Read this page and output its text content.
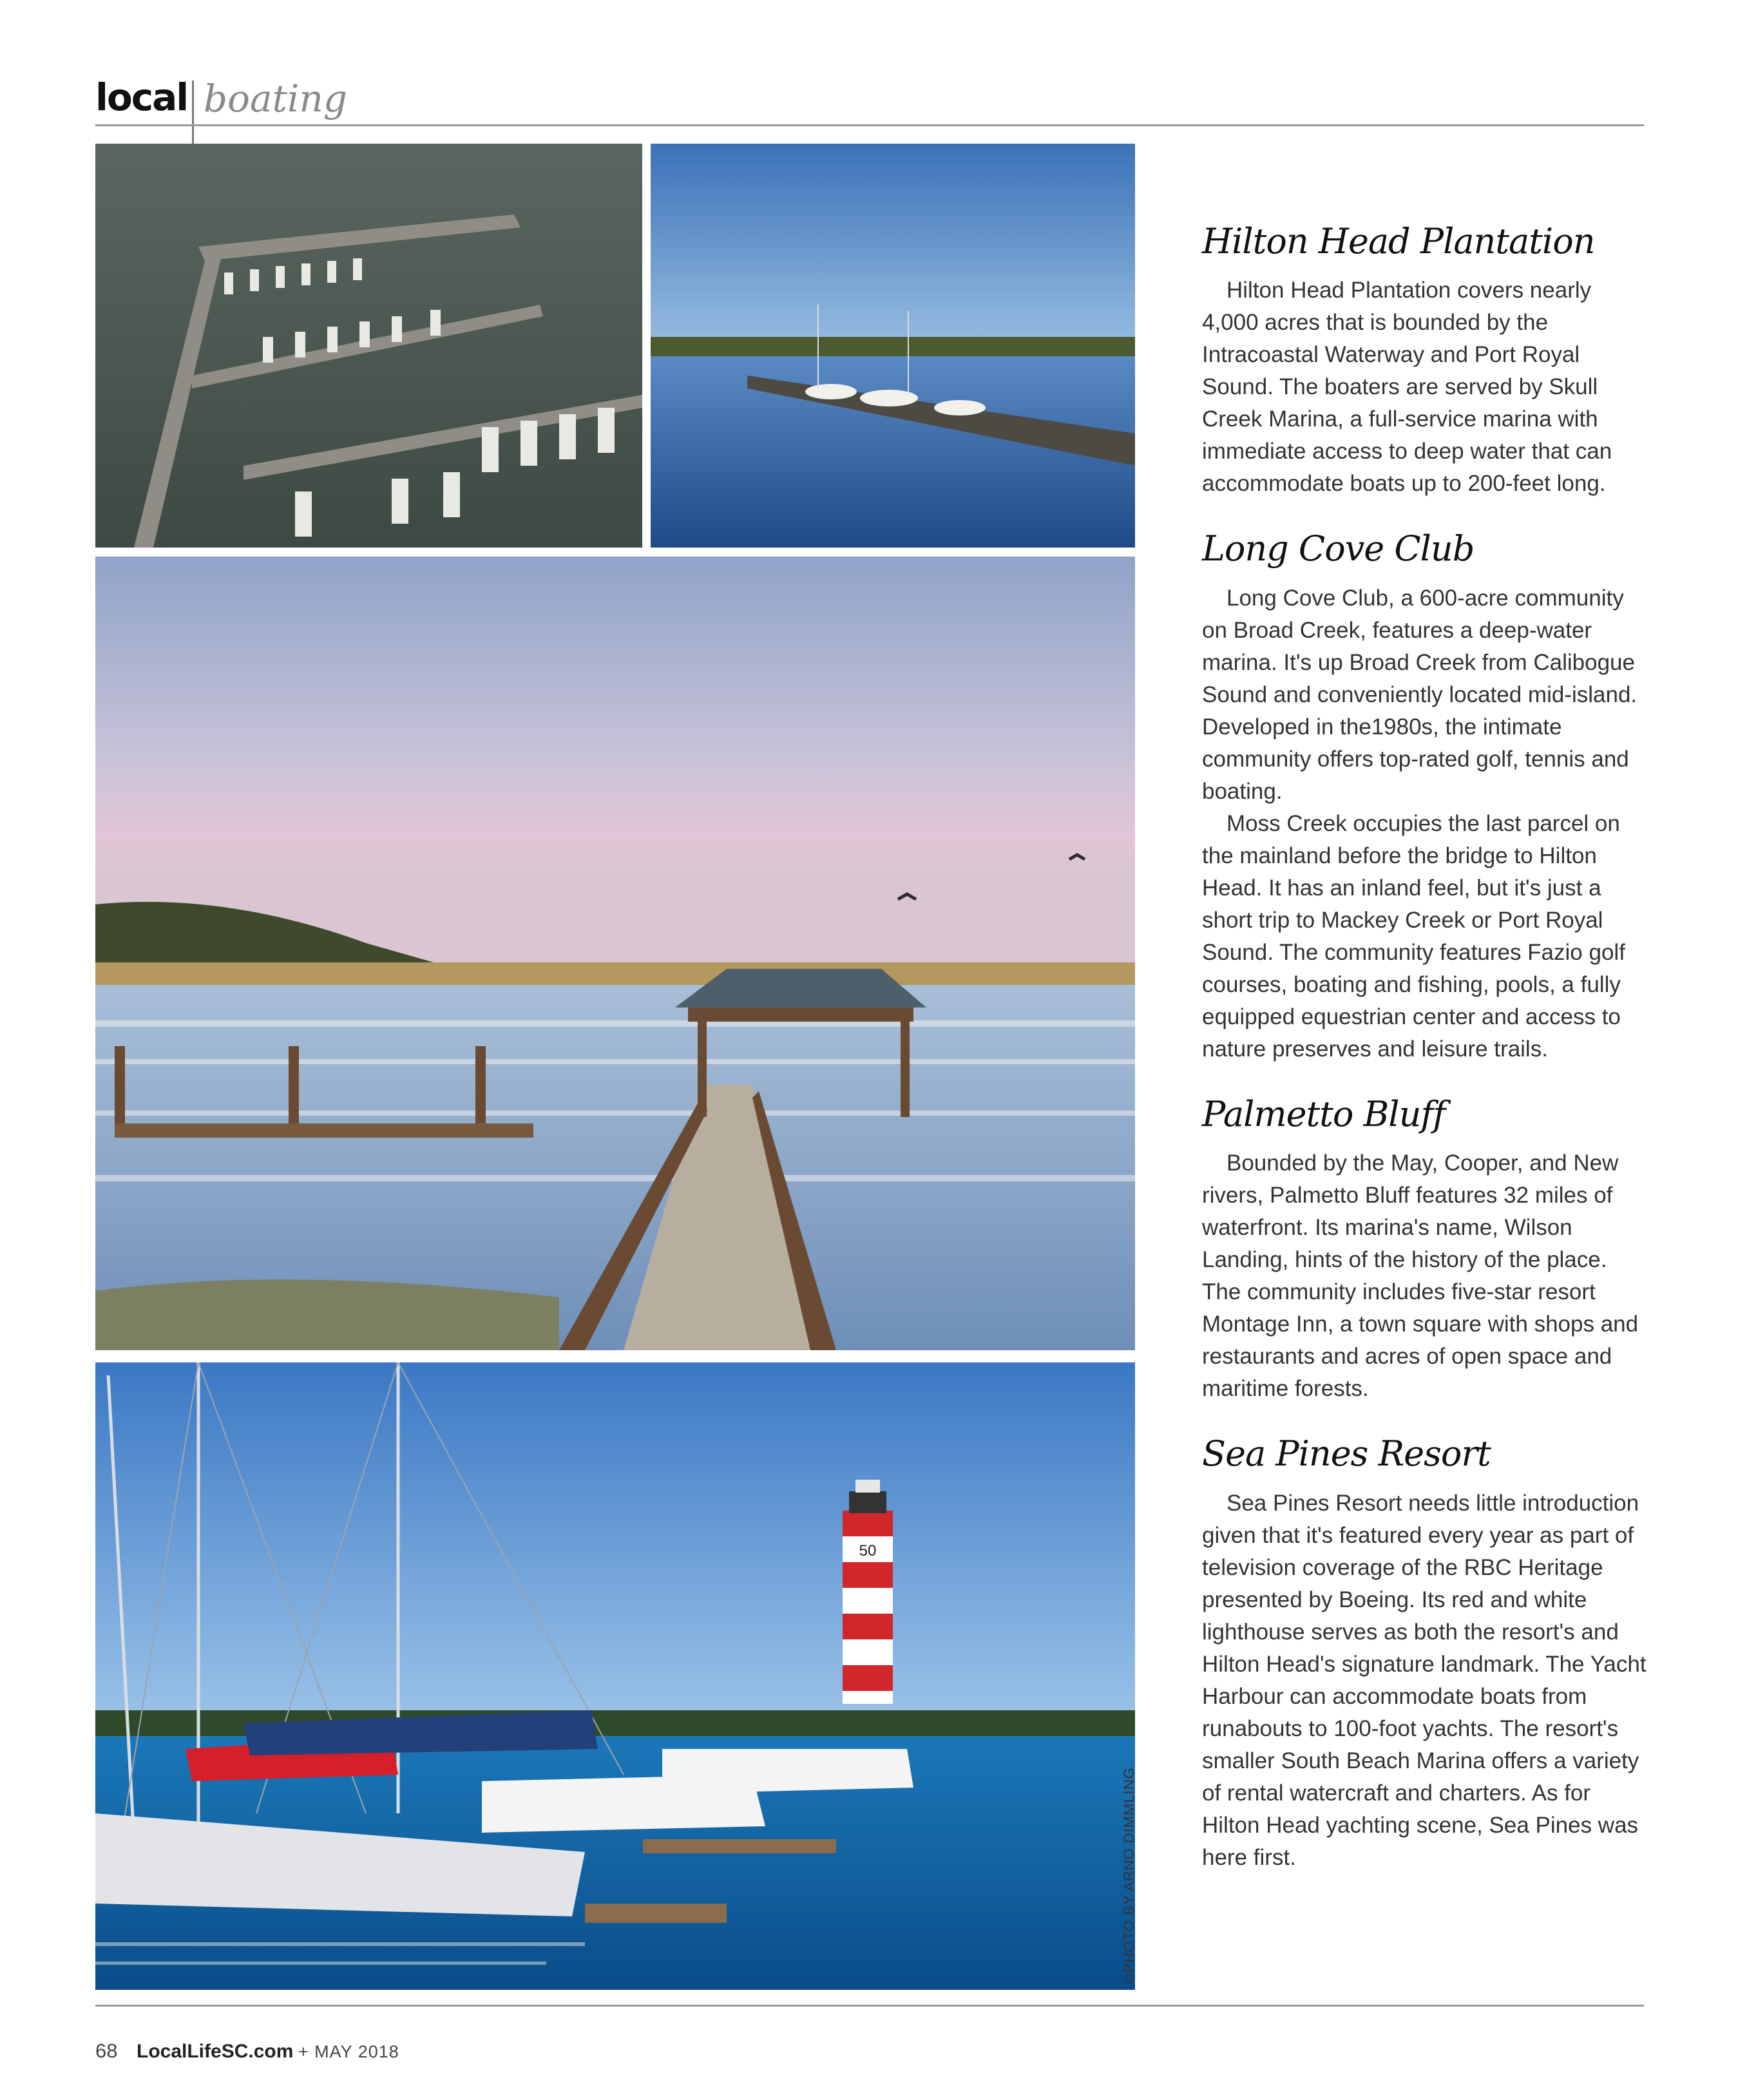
local boating
50
©PHOTO BY ARNO DIMMLING
Hilton Head Plantation

Hilton Head Plantation covers nearly 4,000 acres that is bounded by the Intracoastal Waterway and Port Royal Sound. The boaters are served by Skull Creek Marina, a full-service marina with immediate access to deep water that can accommodate boats up to 200-feet long.

Long Cove Club

Long Cove Club, a 600-acre community on Broad Creek, features a deep-water marina. It's up Broad Creek from Calibogue Sound and conveniently located mid-island. Developed in the1980s, the intimate community offers top-rated golf, tennis and boating.

Moss Creek occupies the last parcel on the mainland before the bridge to Hilton Head. It has an inland feel, but it's just a short trip to Mackey Creek or Port Royal Sound. The community features Fazio golf courses, boating and fishing, pools, a fully equipped equestrian center and access to nature preserves and leisure trails.

Palmetto Bluff

Bounded by the May, Cooper, and New rivers, Palmetto Bluff features 32 miles of waterfront. Its marina's name, Wilson Landing, hints of the history of the place. The community includes five-star resort Montage Inn, a town square with shops and restaurants and acres of open space and maritime forests.

Sea Pines Resort

Sea Pines Resort needs little introduction given that it's featured every year as part of television coverage of the RBC Heritage presented by Boeing. Its red and white lighthouse serves as both the resort's and Hilton Head's signature landmark. The Yacht Harbour can accommodate boats from runabouts to 100-foot yachts. The resort's smaller South Beach Marina offers a variety of rental watercraft and charters. As for Hilton Head yachting scene, Sea Pines was here first.

68 LocalLifeSC.com + MAY 2018
